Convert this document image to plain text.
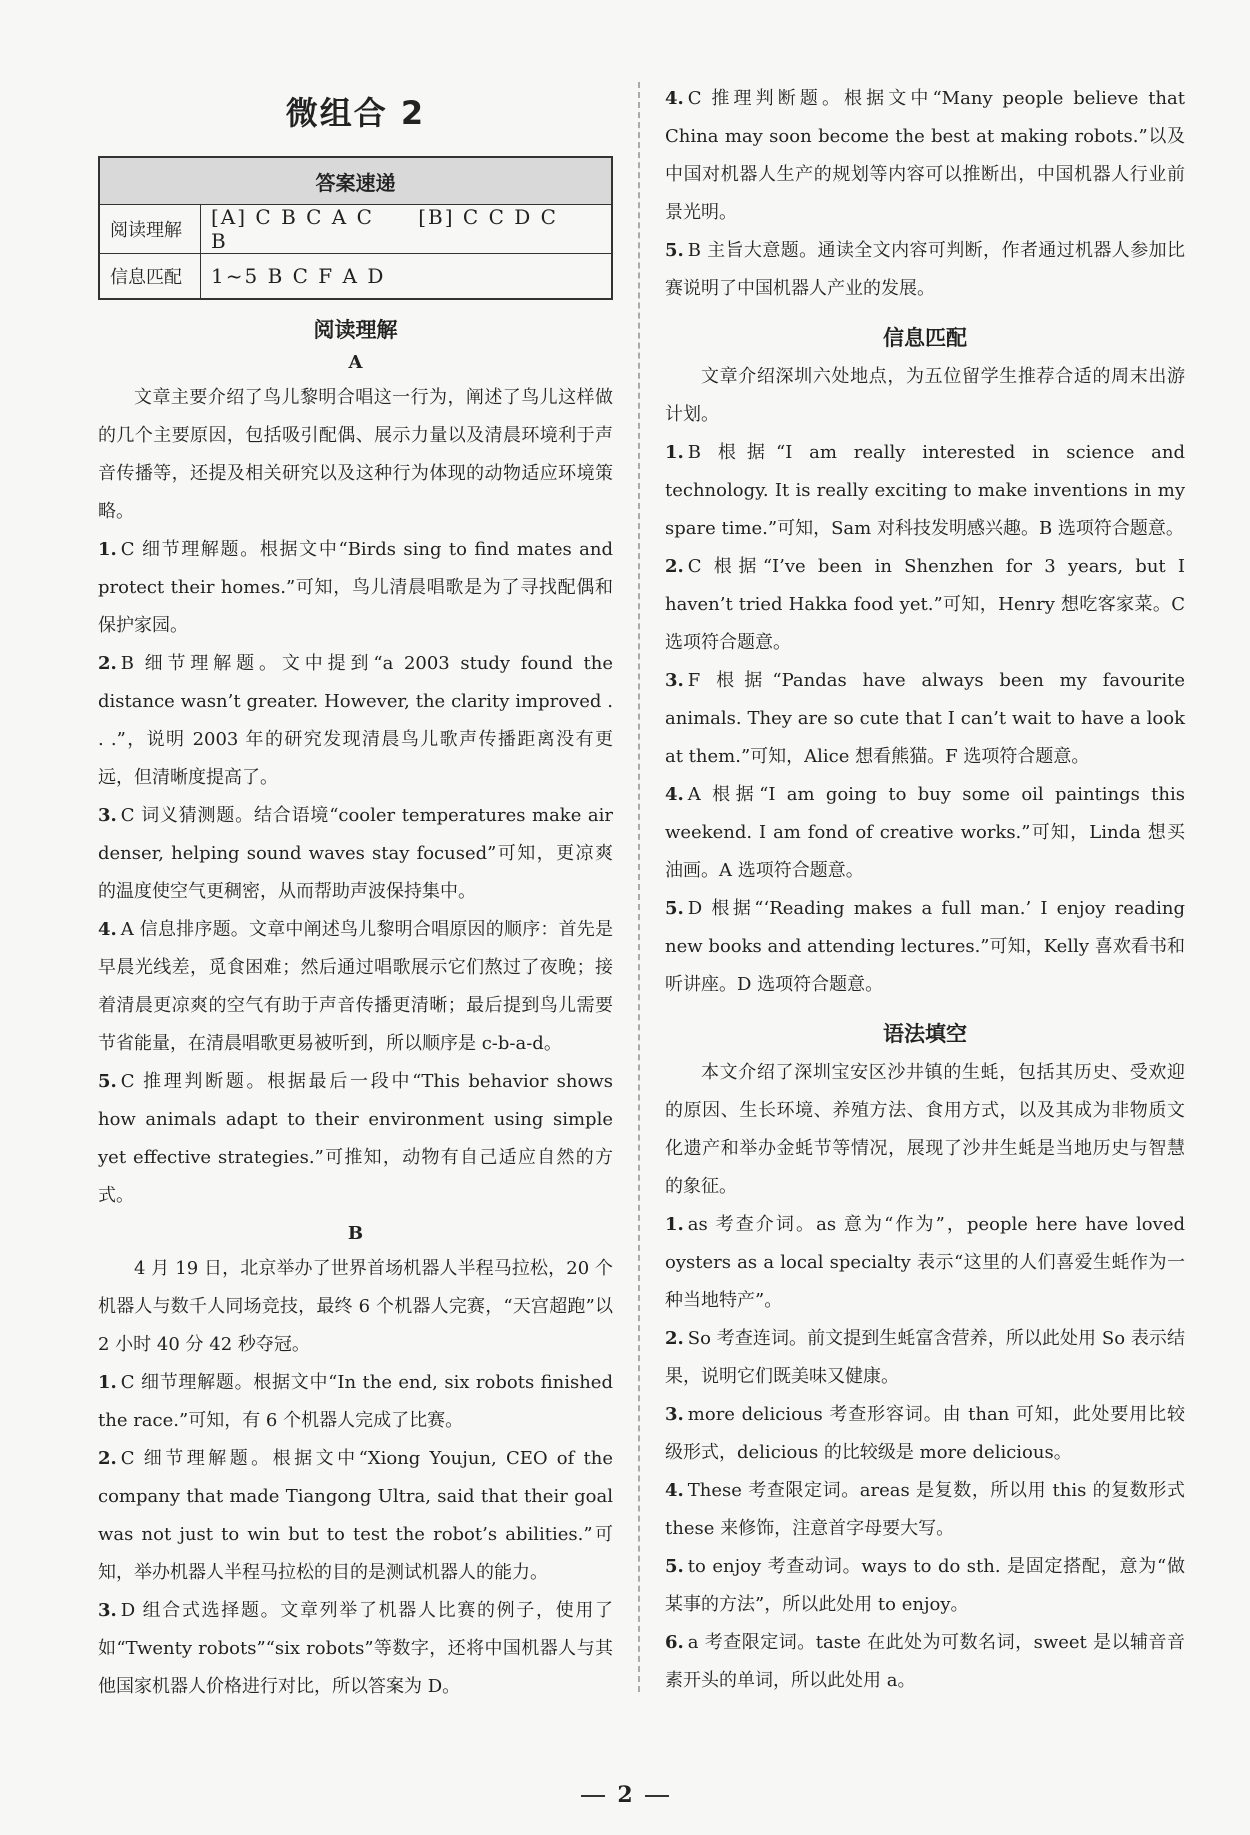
微组合 2
答案速递	
阅读理解	[A] C B C A C [B] C C D C B
信息匹配	1~5 B C F A D
阅读理解
A

文章主要介绍了鸟儿黎明合唱这一行为，阐述了鸟儿这样做的几个主要原因，包括吸引配偶、展示力量以及清晨环境利于声音传播等，还提及相关研究以及这种行为体现的动物适应环境策略。

1. C 细节理解题。根据文中“Birds sing to find mates and protect their homes.”可知，鸟儿清晨唱歌是为了寻找配偶和保护家园。

2. B 细节理解题。文中提到“a 2003 study found the distance wasn’t greater. However, the clarity improved . . .”，说明 2003 年的研究发现清晨鸟儿歌声传播距离没有更远，但清晰度提高了。

3. C 词义猜测题。结合语境“cooler temperatures make air denser, helping sound waves stay focused”可知，更凉爽的温度使空气更稠密，从而帮助声波保持集中。

4. A 信息排序题。文章中阐述鸟儿黎明合唱原因的顺序：首先是早晨光线差，觅食困难；然后通过唱歌展示它们熬过了夜晚；接着清晨更凉爽的空气有助于声音传播更清晰；最后提到鸟儿需要节省能量，在清晨唱歌更易被听到，所以顺序是 c-b-a-d。

5. C 推理判断题。根据最后一段中“This behavior shows how animals adapt to their environment using simple yet effective strategies.”可推知，动物有自己适应自然的方式。

B

4 月 19 日，北京举办了世界首场机器人半程马拉松，20 个机器人与数千人同场竞技，最终 6 个机器人完赛，“天宫超跑”以 2 小时 40 分 42 秒夺冠。

1. C 细节理解题。根据文中“In the end, six robots finished the race.”可知，有 6 个机器人完成了比赛。

2. C 细节理解题。根据文中“Xiong Youjun, CEO of the company that made Tiangong Ultra, said that their goal was not just to win but to test the robot’s abilities.”可知，举办机器人半程马拉松的目的是测试机器人的能力。

3. D 组合式选择题。文章列举了机器人比赛的例子，使用了如“Twenty robots”“six robots”等数字，还将中国机器人与其他国家机器人价格进行对比，所以答案为 D。

4. C 推理判断题。根据文中“Many people believe that China may soon become the best at making robots.”以及中国对机器人生产的规划等内容可以推断出，中国机器人行业前景光明。

5. B 主旨大意题。通读全文内容可判断，作者通过机器人参加比赛说明了中国机器人产业的发展。

信息匹配

文章介绍深圳六处地点，为五位留学生推荐合适的周末出游计划。

1. B 根据“I am really interested in science and technology. It is really exciting to make inventions in my spare time.”可知，Sam 对科技发明感兴趣。B 选项符合题意。

2. C 根据“I’ve been in Shenzhen for 3 years, but I haven’t tried Hakka food yet.”可知，Henry 想吃客家菜。C 选项符合题意。

3. F 根据“Pandas have always been my favourite animals. They are so cute that I can’t wait to have a look at them.”可知，Alice 想看熊猫。F 选项符合题意。

4. A 根据“I am going to buy some oil paintings this weekend. I am fond of creative works.”可知，Linda 想买油画。A 选项符合题意。

5. D 根据“‘Reading makes a full man.’ I enjoy reading new books and attending lectures.”可知，Kelly 喜欢看书和听讲座。D 选项符合题意。

语法填空

本文介绍了深圳宝安区沙井镇的生蚝，包括其历史、受欢迎的原因、生长环境、养殖方法、食用方式，以及其成为非物质文化遗产和举办金蚝节等情况，展现了沙井生蚝是当地历史与智慧的象征。

1. as 考查介词。as 意为“作为”，people here have loved oysters as a local specialty 表示“这里的人们喜爱生蚝作为一种当地特产”。

2. So 考查连词。前文提到生蚝富含营养，所以此处用 So 表示结果，说明它们既美味又健康。

3. more delicious 考查形容词。由 than 可知，此处要用比较级形式，delicious 的比较级是 more delicious。

4. These 考查限定词。areas 是复数，所以用 this 的复数形式 these 来修饰，注意首字母要大写。

5. to enjoy 考查动词。ways to do sth. 是固定搭配，意为“做某事的方法”，所以此处用 to enjoy。

6. a 考查限定词。taste 在此处为可数名词，sweet 是以辅音音素开头的单词，所以此处用 a。

2
